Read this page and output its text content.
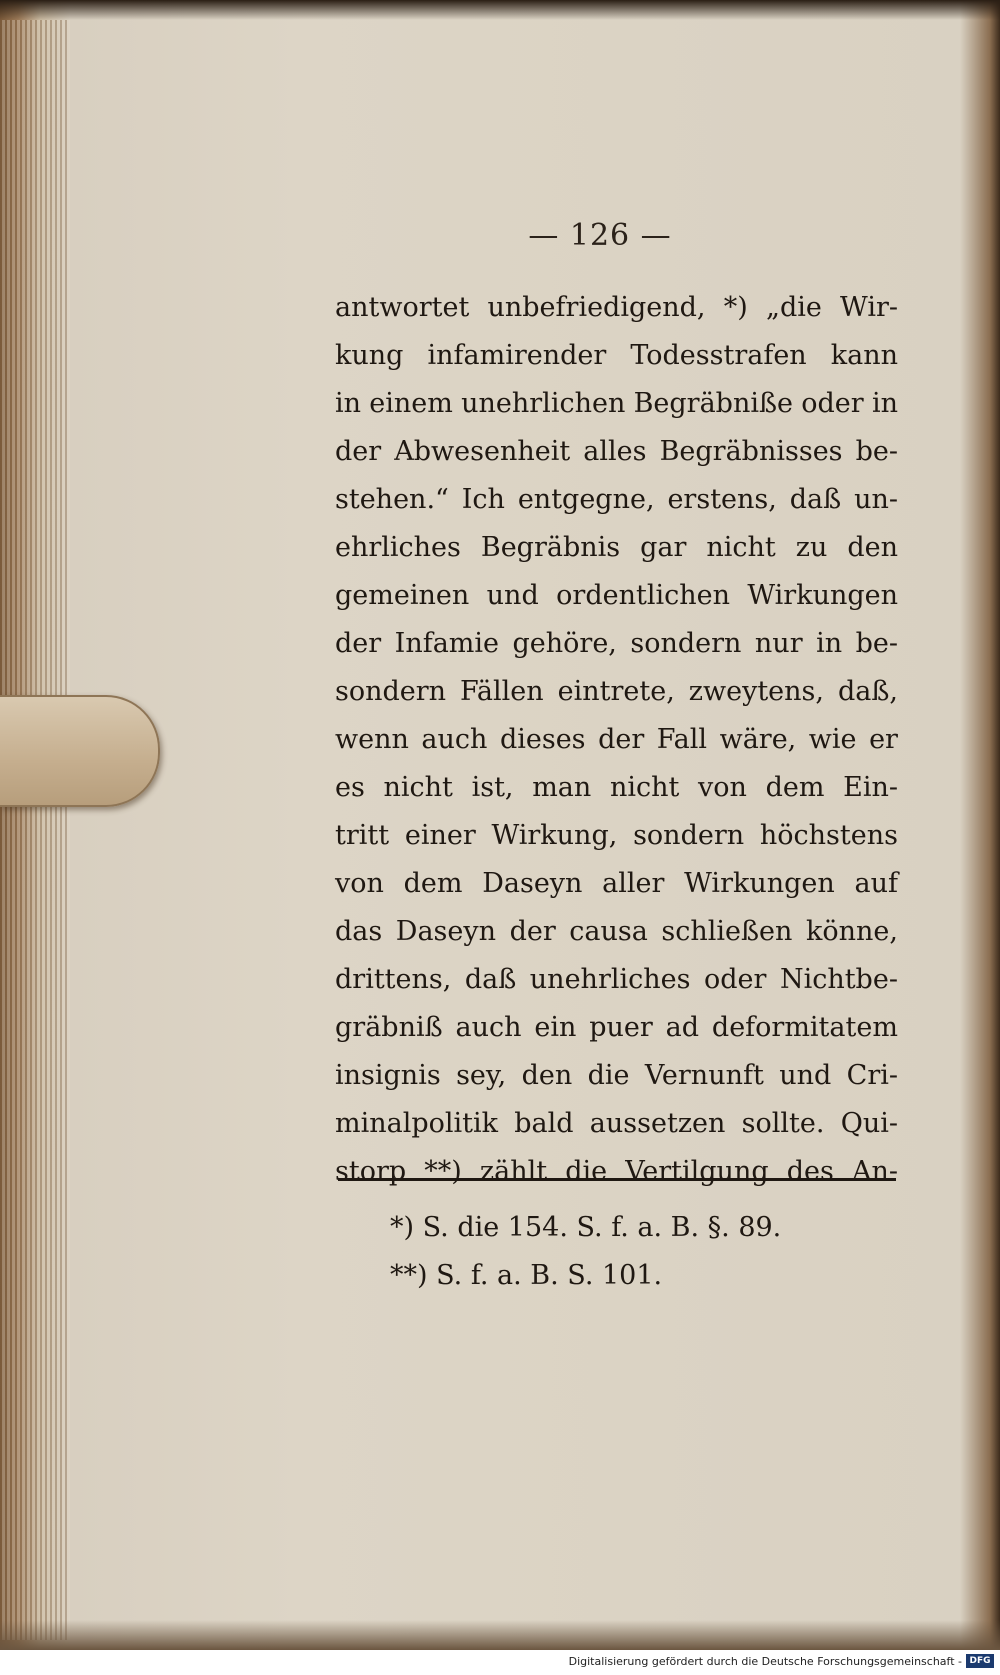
— 126 —
antwortet unbefriedigend, *) „die Wir-
kung infamirender Todesstrafen kann
in einem unehrlichen Begräbniße oder in
der Abwesenheit alles Begräbnisses be-
stehen.“ Ich entgegne, erstens, daß un-
ehrliches Begräbnis gar nicht zu den
gemeinen und ordentlichen Wirkungen
der Infamie gehöre, sondern nur in be-
sondern Fällen eintrete, zweytens, daß,
wenn auch dieses der Fall wäre, wie er
es nicht ist, man nicht von dem Ein-
tritt einer Wirkung, sondern höchstens
von dem Daseyn aller Wirkungen auf
das Daseyn der causa schließen könne,
drittens, daß unehrliches oder Nichtbe-
gräbniß auch ein puer ad deformitatem
insignis sey, den die Vernunft und Cri-
minalpolitik bald aussetzen sollte. Qui-
storp **) zählt die Vertilgung des An-
*) S. die 154. S. f. a. B. §. 89.
**) S. f. a. B. S. 101.
Digitalisierung gefördert durch die Deutsche Forschungsgemeinschaft - DFG
